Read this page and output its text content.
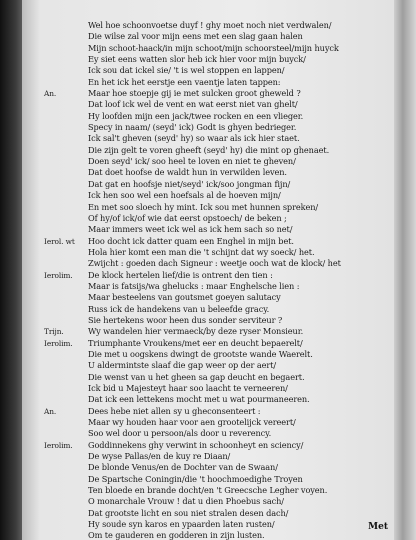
Wel hoe schoonvoetse duyf ! ghy moet noch niet verdwalen/
Die wilse zal voor mijn eens met een slag gaan halen
Mijn schoot-haack/in mijn schoot/mijn schoorsteel/mijn huyck
Ey siet eens watten slor heb ick hier voor mijn buyck/
Ick sou dat ickel sie/ 't is wel stoppen en lappen/
En het ick het eerstje een vaentje laten tappen:
An.	Maar hoe stoepje gij ie met sulcken groot gheweld ?
Dat loof ick wel de vent en wat eerst niet van ghelt/
Hy loofden mijn een jack/twee rocken en een vlieger.
Specy in naam/ (seyd' ick) Godt is ghyen bedrieger.
Ick sal't gheven (seyd' hy) so waar als ick hier staet.
Die zijn gelt te voren gheeft (seyd' hy) die mint op ghenaet.
Doen seyd' ick/ soo heel te loven en niet te gheven/
Dat doet hoofse de waldt hun in verwilden leven.
Dat gat en hoofsje niet/seyd' ick/soo jongman fijn/
Ick hen soo wel een hoefsals al de hoeven mijn/
En met soo sloech hy mint. Ick sou met hunnen spreken/
Of hy/of ick/of wie dat eerst opstoech/ de beken ;
Maar immers weet ick wel as ick hem sach so net/
Ierol. wt Hoo docht ick datter quam een Enghel in mijn bet.
Hola hier komt een man die 't schijnt dat wy soeck/ het.
Zwijcht : goeden dach Signeur : weetje ooch wat de klock/ het
Ierolim. De klock hertelen lief/die is ontrent den tien :
Maar is fatsijs/wa ghelucks : maar Enghelsche lien :
Maar besteelens van goutsmet goeyen salutacy
Russ ick de handekens van u beleefde gracy.
Sie hertekens woor heen dus sonder serviteur ?
Trijn.	Wy wandelen hier vermaeck/by deze ryser Monsieur.
Ierolim. Triumphante Vroukens/met eer en deucht bepaerelt/
Die met u oogskens dwingt de grootste wande Waerelt.
U aldermintste slaaf die gap weer op der aert/
Die wenst van u het gheen sa gap deucht en begaert.
Ick bid u Majesteyt haar soo laacht te verneeren/
Dat ick een lettekens mocht met u wat pourmaneeren.
An.	Dees hebe niet allen sy u gheconsenteert :
Maar wy houden haar voor aen grootelijck vereert/
Soo wel door u persoon/als door u reverency.
Ierolim. Goddinnekens ghy verwint in schoonheyt en sciency/
De wyse Pallas/en de kuy re Diaan/
De blonde Venus/en de Dochter van de Swaan/
De Spartsche Coningin/die 't hoochmoedighe Troyen
Ten bloede en brande docht/en 't Greecsche Legher voyen.
O monarchale Vrouw ! dat u dien Phoebus sach/
Dat grootste licht en sou niet stralen desen dach/
Hy soude syn karos en ypaarden laten rusten/
Om te gauderen en godderen in zijn lusten.
Met
